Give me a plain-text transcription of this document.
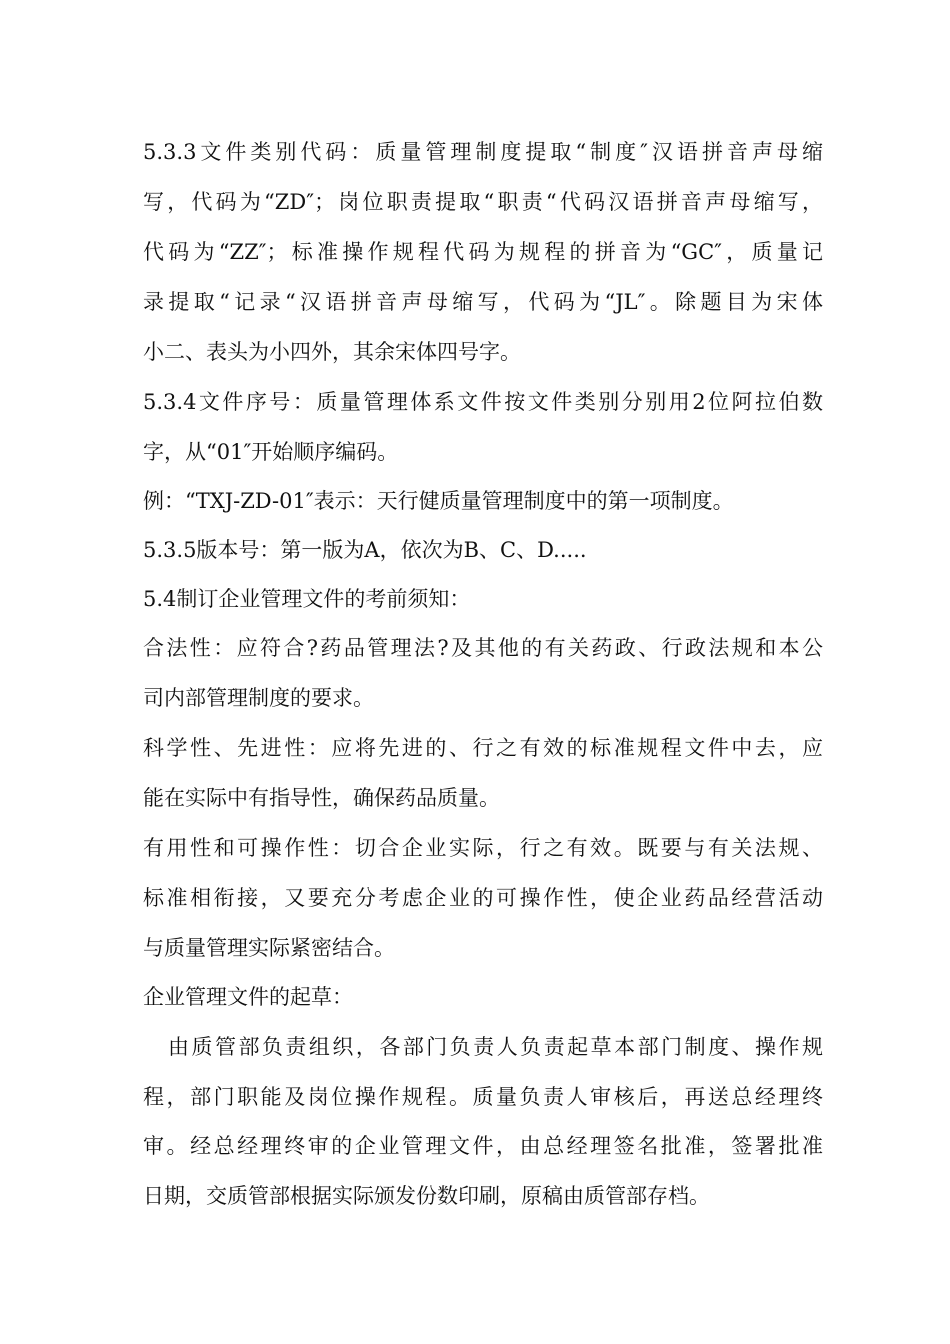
5.3.3文件类别代码：质量管理制度提取“制度″汉语拼音声母缩
写，代码为“ZD″；岗位职责提取“职责“代码汉语拼音声母缩写，
代码为“ZZ″；标准操作规程代码为规程的拼音为“GC″，质量记
录提取“记录“汉语拼音声母缩写，代码为“JL″。除题目为宋体
小二、表头为小四外，其余宋体四号字。
5.3.4文件序号：质量管理体系文件按文件类别分别用2位阿拉伯数
字，从“01″开始顺序编码。
例：“TXJ-ZD-01″表示：天行健质量管理制度中的第一项制度。
5.3.5版本号：第一版为A，依次为B、C、D.....
5.4制订企业管理文件的考前须知：
合法性：应符合?药品管理法?及其他的有关药政、行政法规和本公
司内部管理制度的要求。
科学性、先进性：应将先进的、行之有效的标准规程文件中去，应
能在实际中有指导性，确保药品质量。
有用性和可操作性：切合企业实际，行之有效。既要与有关法规、
标准相衔接，又要充分考虑企业的可操作性，使企业药品经营活动
与质量管理实际紧密结合。
企业管理文件的起草：
由质管部负责组织，各部门负责人负责起草本部门制度、操作规
程，部门职能及岗位操作规程。质量负责人审核后，再送总经理终
审。经总经理终审的企业管理文件，由总经理签名批准，签署批准
日期，交质管部根据实际颁发份数印刷，原稿由质管部存档。
